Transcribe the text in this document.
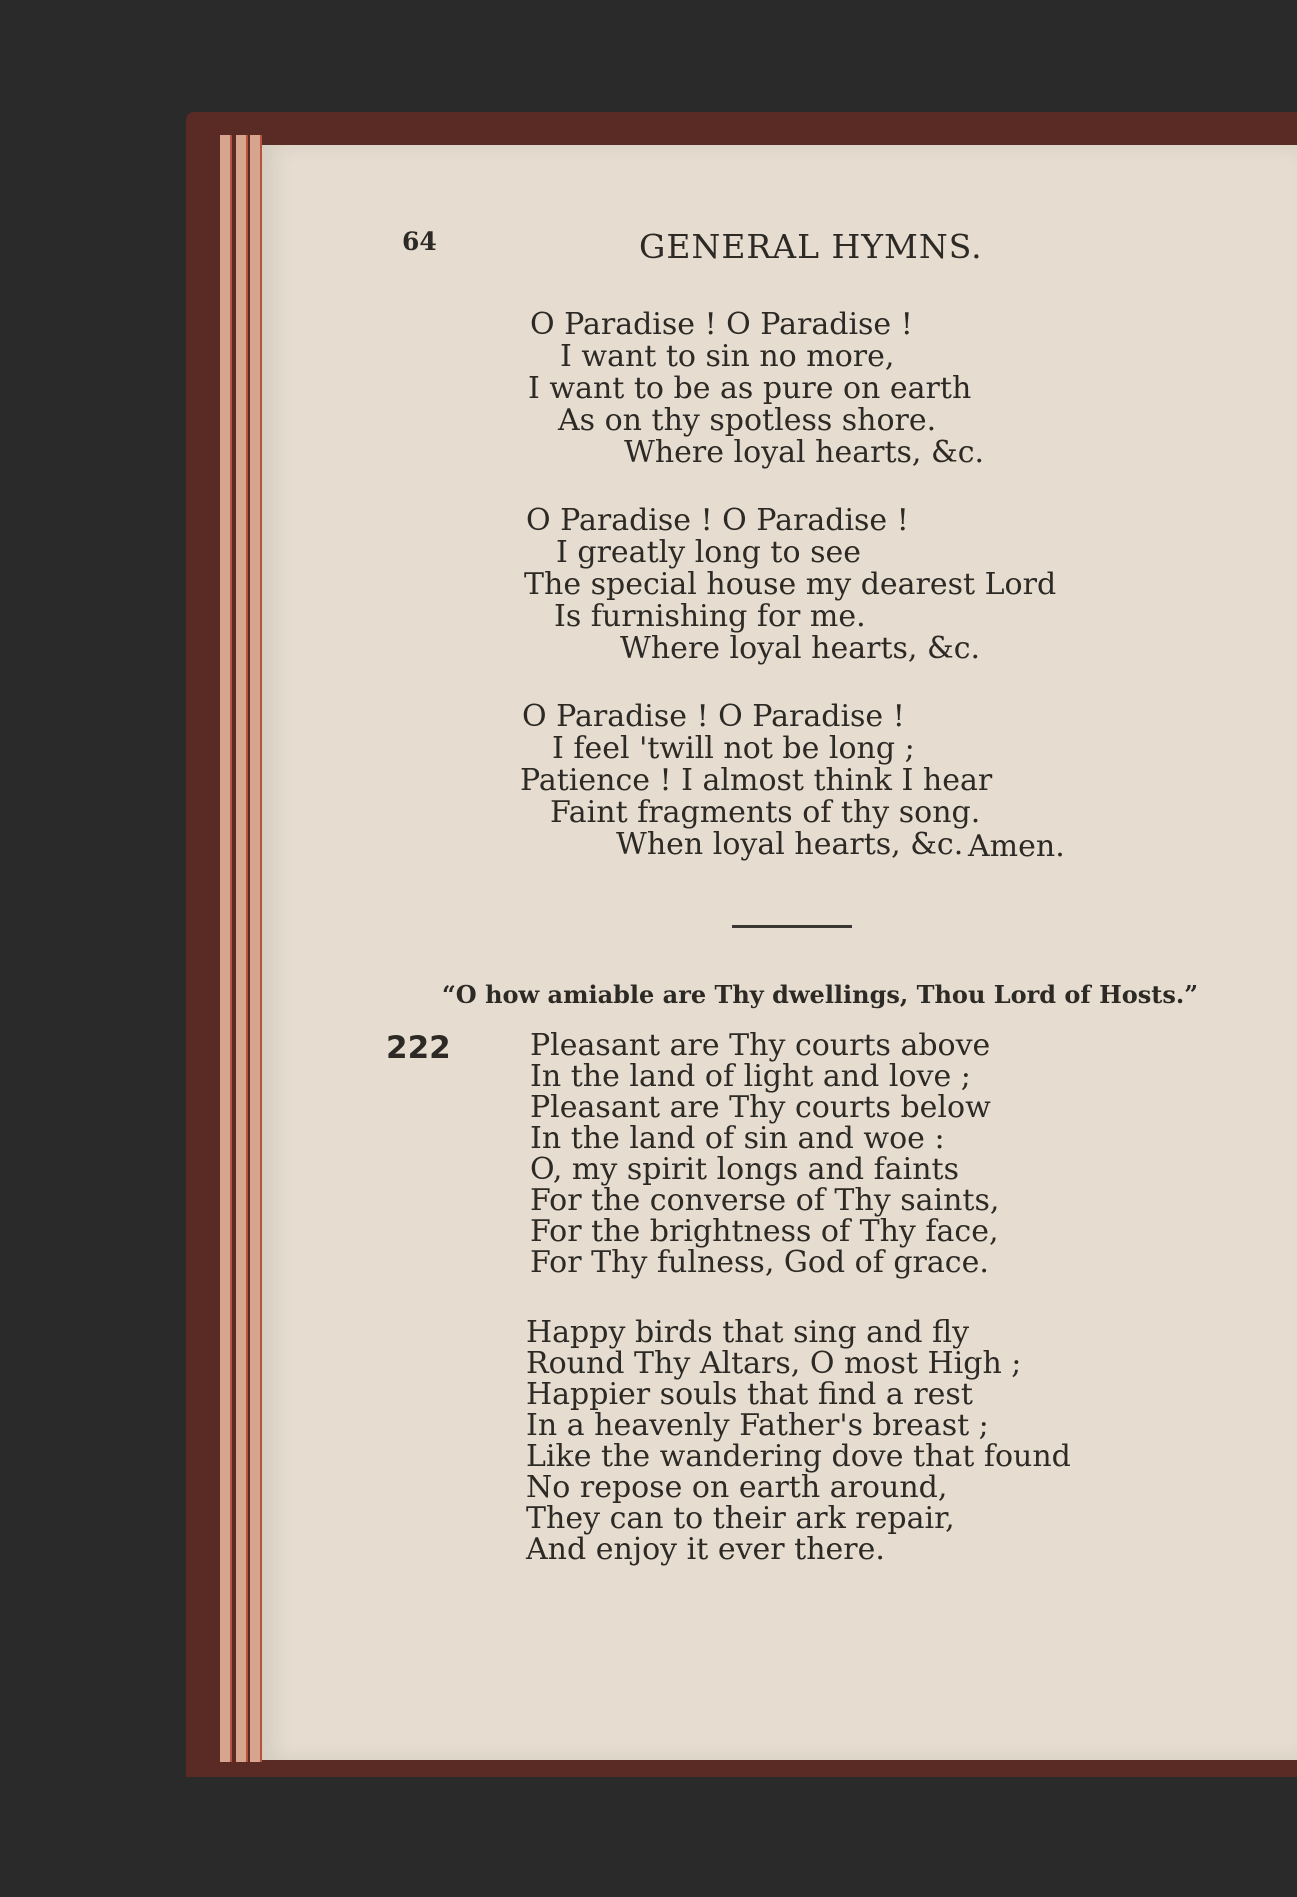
64	GENERAL HYMNS.
O Paradise ! O Paradise !
I want to sin no more,
I want to be as pure on earth
As on thy spotless shore.
Where loyal hearts, &c.
O Paradise ! O Paradise !
I greatly long to see
The special house my dearest Lord
Is furnishing for me.
Where loyal hearts, &c.
O Paradise ! O Paradise !
I feel 'twill not be long ;
Patience ! I almost think I hear
Faint fragments of thy song.
When loyal hearts, &c. Amen.
“O how amiable are Thy dwellings, Thou Lord of Hosts.”
222	Pleasant are Thy courts above
In the land of light and love ;
Pleasant are Thy courts below
In the land of sin and woe :
O, my spirit longs and faints
For the converse of Thy saints,
For the brightness of Thy face,
For Thy fulness, God of grace.
Happy birds that sing and fly
Round Thy Altars, O most High ;
Happier souls that find a rest
In a heavenly Father's breast ;
Like the wandering dove that found
No repose on earth around,
They can to their ark repair,
And enjoy it ever there.
